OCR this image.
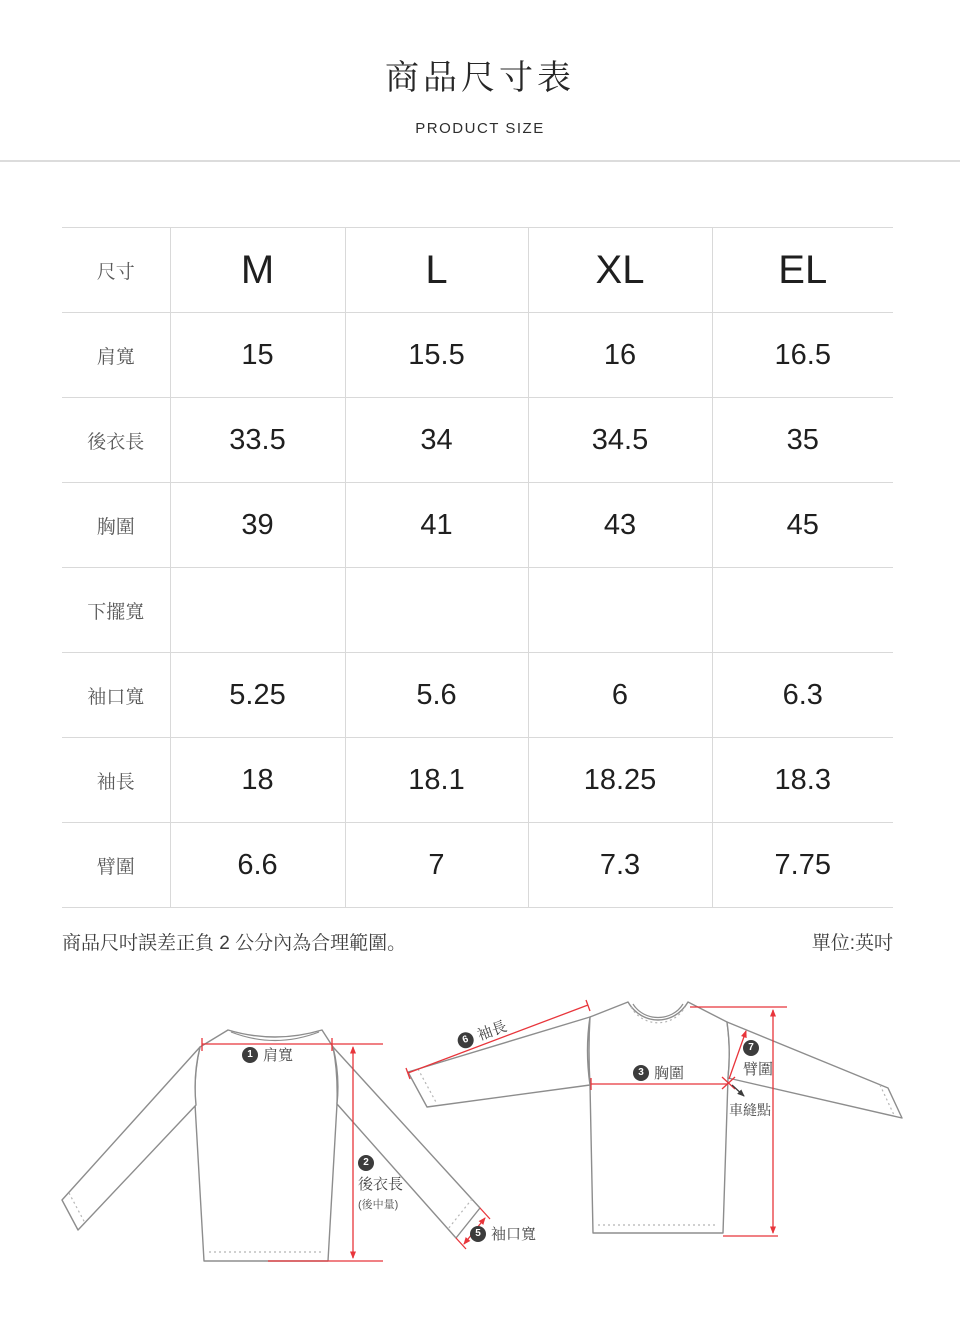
商品尺寸表
PRODUCT SIZE
尺寸	M	L	XL	EL
肩寬	15	15.5	16	16.5
後衣長	33.5	34	34.5	35
胸圍	39	41	43	45
下擺寬				
袖口寬	5.25	5.6	6	6.3
袖長	18	18.1	18.25	18.3
臂圍	6.6	7	7.3	7.75
商品尺吋誤差正負 2 公分內為合理範圍。	單位:英吋
1 肩寬
2
後衣長
(後中量)
3 胸圍
5 袖口寬
6 袖長
7
臂圍
車縫點
